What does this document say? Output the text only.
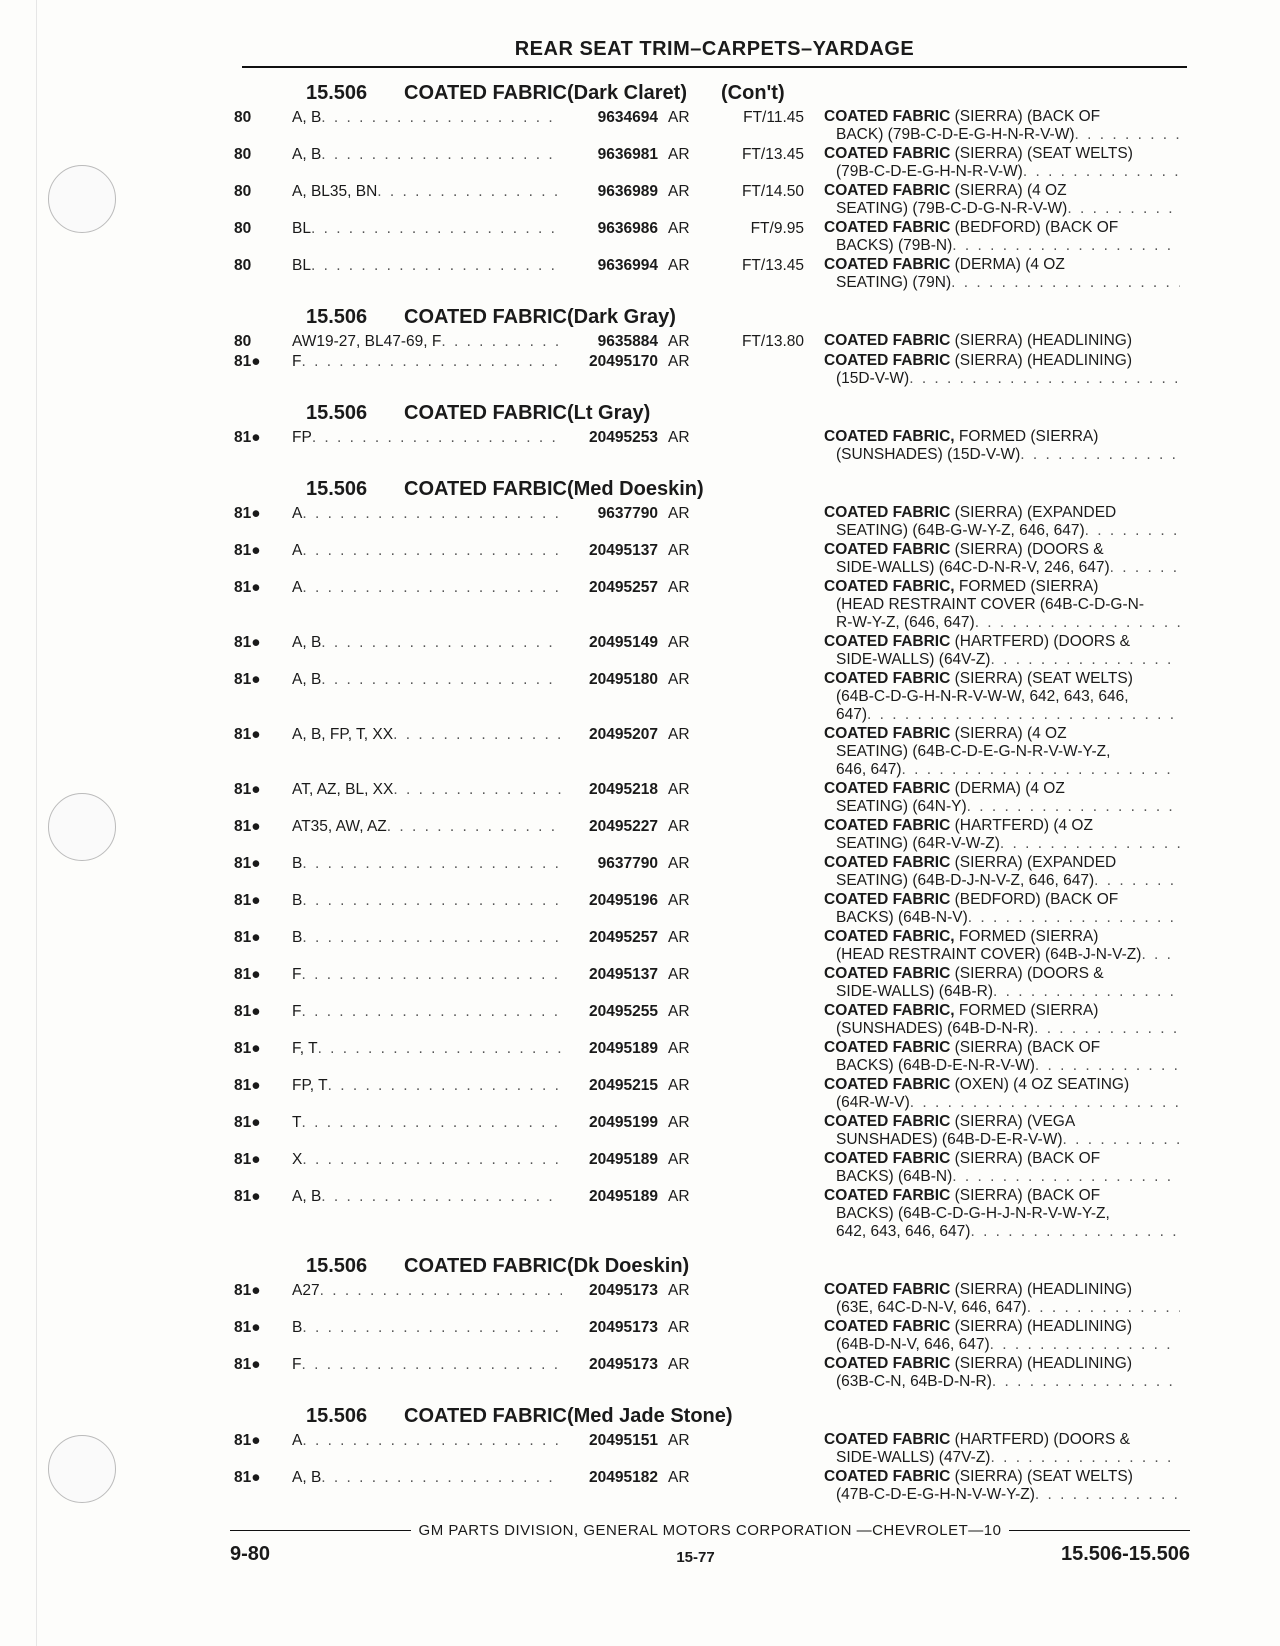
REAR SEAT TRIM–CARPETS–YARDAGE
15.506 COATED FABRIC(Dark Claret) (Con't)
80	A, B . . .	9634694 AR	FT/11.45 COATED FABRIC (SIERRA) (BACK OF
BACK) (79B-C-D-E-G-H-N-R-V-W)
. . .
80	A, B . . .	9636981 AR	FT/13.45 COATED FABRIC (SIERRA) (SEAT WELTS)
(79B-C-D-E-G-H-N-R-V-W)
. . .
80	A, BL35, BN . . .	9636989 AR	FT/14.50 COATED FABRIC (SIERRA) (4 OZ
SEATING) (79B-C-D-G-N-R-V-W)
. . .
80	BL . . .	9636986 AR	FT/9.95 COATED FABRIC (BEDFORD) (BACK OF
BACKS) (79B-N)
. . .
80	BL . . .	9636994 AR	FT/13.45 COATED FABRIC (DERMA) (4 OZ
SEATING) (79N)
. . .
15.506 COATED FABRIC(Dark Gray)
80	AW19-27, BL47-69, F . . .	9635884 AR	FT/13.80 COATED FABRIC (SIERRA) (HEADLINING)
81●	F . . .	20495170 AR	COATED FABRIC (SIERRA) (HEADLINING)
(15D-V-W)
. . .
15.506 COATED FABRIC(Lt Gray)
81●	FP . . .	20495253 AR	COATED FABRIC, FORMED (SIERRA)
(SUNSHADES) (15D-V-W)
. . .
15.506 COATED FARBIC(Med Doeskin)
81●	A . . .	9637790 AR	COATED FABRIC (SIERRA) (EXPANDED
SEATING) (64B-G-W-Y-Z, 646, 647)
. . .
81●	A . . .	20495137 AR	COATED FABRIC (SIERRA) (DOORS &
SIDE-WALLS) (64C-D-N-R-V, 246, 647)
. . .
81●	A . . .	20495257 AR	COATED FABRIC, FORMED (SIERRA)
(HEAD RESTRAINT COVER (64B-C-D-G-N-
R-W-Y-Z, (646, 647)
. . .
81●	A, B . . .	20495149 AR	COATED FABRIC (HARTFERD) (DOORS &
SIDE-WALLS) (64V-Z)
. . .
81●	A, B . . .	20495180 AR	COATED FABRIC (SIERRA) (SEAT WELTS)
(64B-C-D-G-H-N-R-V-W-W, 642, 643, 646,
647)
. . .
81●	A, B, FP, T, XX . . .	20495207 AR	COATED FABRIC (SIERRA) (4 OZ
SEATING) (64B-C-D-E-G-N-R-V-W-Y-Z,
646, 647)
. . .
81●	AT, AZ, BL, XX . . .	20495218 AR	COATED FABRIC (DERMA) (4 OZ
SEATING) (64N-Y)
. . .
81●	AT35, AW, AZ . . .	20495227 AR	COATED FABRIC (HARTFERD) (4 OZ
SEATING) (64R-V-W-Z)
. . .
81●	B . . .	9637790 AR	COATED FABRIC (SIERRA) (EXPANDED
SEATING) (64B-D-J-N-V-Z, 646, 647)
. . .
81●	B . . .	20495196 AR	COATED FABRIC (BEDFORD) (BACK OF
BACKS) (64B-N-V)
. . .
81●	B . . .	20495257 AR	COATED FABRIC, FORMED (SIERRA)
(HEAD RESTRAINT COVER) (64B-J-N-V-Z)
. . .
81●	F . . .	20495137 AR	COATED FABRIC (SIERRA) (DOORS &
SIDE-WALLS) (64B-R)
. . .
81●	F . . .	20495255 AR	COATED FABRIC, FORMED (SIERRA)
(SUNSHADES) (64B-D-N-R)
. . .
81●	F, T . . .	20495189 AR	COATED FABRIC (SIERRA) (BACK OF
BACKS) (64B-D-E-N-R-V-W)
. . .
81●	FP, T . . .	20495215 AR	COATED FABRIC (OXEN) (4 OZ SEATING)
(64R-W-V)
. . .
81●	T . . .	20495199 AR	COATED FABRIC (SIERRA) (VEGA
SUNSHADES) (64B-D-E-R-V-W)
. . .
81●	X . . .	20495189 AR	COATED FABRIC (SIERRA) (BACK OF
BACKS) (64B-N)
. . .
81●	A, B . . .	20495189 AR	COATED FARBIC (SIERRA) (BACK OF
BACKS) (64B-C-D-G-H-J-N-R-V-W-Y-Z,
642, 643, 646, 647)
. . .
15.506 COATED FABRIC(Dk Doeskin)
81●	A27 . . .	20495173 AR	COATED FABRIC (SIERRA) (HEADLINING)
(63E, 64C-D-N-V, 646, 647)
. . .
81●	B . . .	20495173 AR	COATED FABRIC (SIERRA) (HEADLINING)
(64B-D-N-V, 646, 647)
. . .
81●	F . . .	20495173 AR	COATED FABRIC (SIERRA) (HEADLINING)
(63B-C-N, 64B-D-N-R)
. . .
15.506 COATED FABRIC(Med Jade Stone)
81●	A . . .	20495151 AR	COATED FABRIC (HARTFERD) (DOORS &
SIDE-WALLS) (47V-Z)
. . .
81●	A, B . . .	20495182 AR	COATED FABRIC (SIERRA) (SEAT WELTS)
(47B-C-D-E-G-H-N-V-W-Y-Z)
. . .
GM PARTS DIVISION, GENERAL MOTORS CORPORATION —CHEVROLET—10
9-80	15-77	15.506-15.506
